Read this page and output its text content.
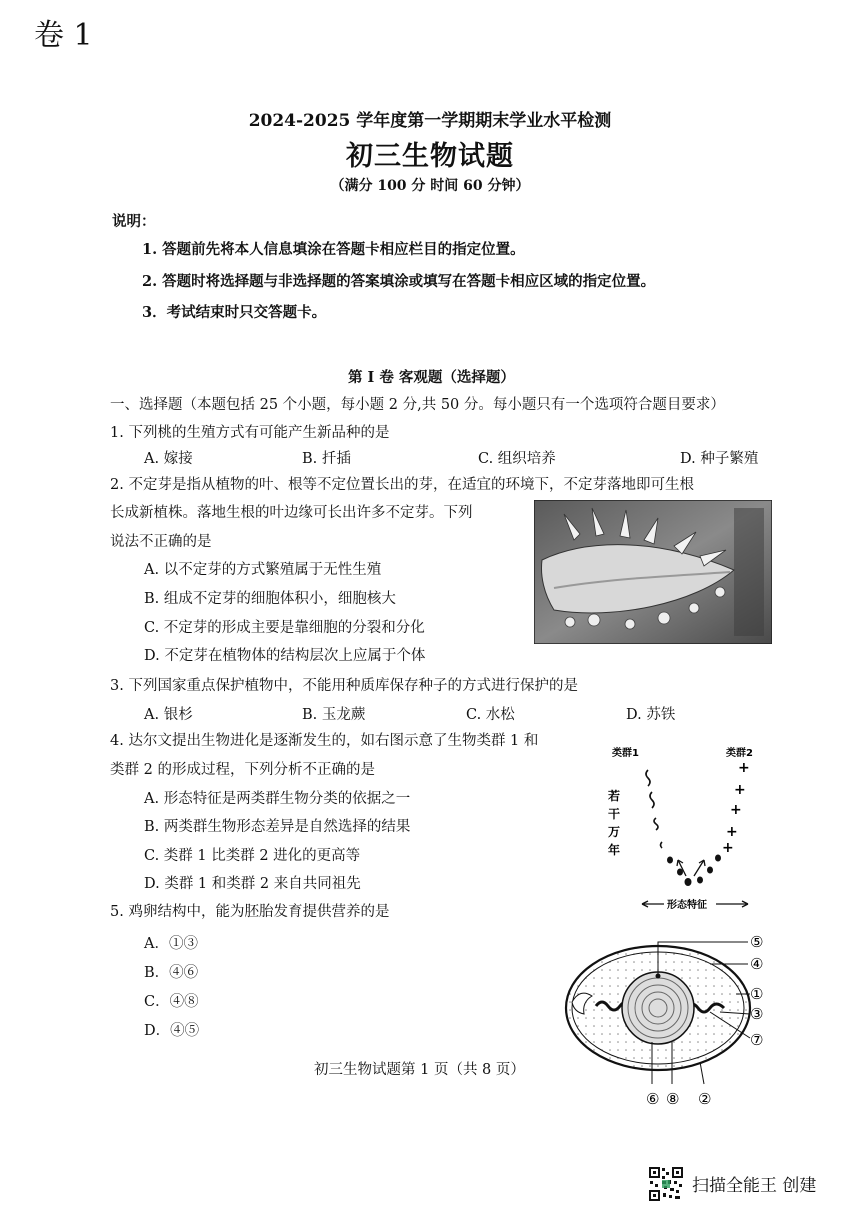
卷 1
2024-2025 学年度第一学期期末学业水平检测
初三生物试题
（满分 100 分 时间 60 分钟）
说明：
1. 答题前先将本人信息填涂在答题卡相应栏目的指定位置。
2. 答题时将选择题与非选择题的答案填涂或填写在答题卡相应区域的指定位置。
3．考试结束时只交答题卡。
第 I 卷 客观题（选择题）
一、选择题（本题包括 25 个小题，每小题 2 分,共 50 分。每小题只有一个选项符合题目要求）
1. 下列桃的生殖方式有可能产生新品种的是
A. 嫁接	B. 扦插	C. 组织培养	D. 种子繁殖
2. 不定芽是指从植物的叶、根等不定位置长出的芽，在适宜的环境下，不定芽落地即可生根
长成新植株。落地生根的叶边缘可长出许多不定芽。下列
说法不正确的是
A. 以不定芽的方式繁殖属于无性生殖
B. 组成不定芽的细胞体积小，细胞核大
C. 不定芽的形成主要是靠细胞的分裂和分化
D. 不定芽在植物体的结构层次上应属于个体
3. 下列国家重点保护植物中，不能用种质库保存种子的方式进行保护的是
A. 银杉	B. 玉龙蕨	C. 水松	D. 苏铁
4. 达尔文提出生物进化是逐渐发生的，如右图示意了生物类群 1 和
类群 2 的形成过程，下列分析不正确的是
A. 形态特征是两类群生物分类的依据之一
B. 两类群生物形态差异是自然选择的结果
C. 类群 1 比类群 2 进化的更高等
D. 类群 1 和类群 2 来自共同祖先
类群1	类群2
若
干
万
年
+
+
+
+
+
形态特征
5. 鸡卵结构中，能为胚胎发育提供营养的是
A．①③
B．④⑥
C．④⑧
D．④⑤
⑤
④
①
③
⑦
⑥ ⑧ ②
初三生物试题第 1 页（共 8 页）
扫描全能王 创建
